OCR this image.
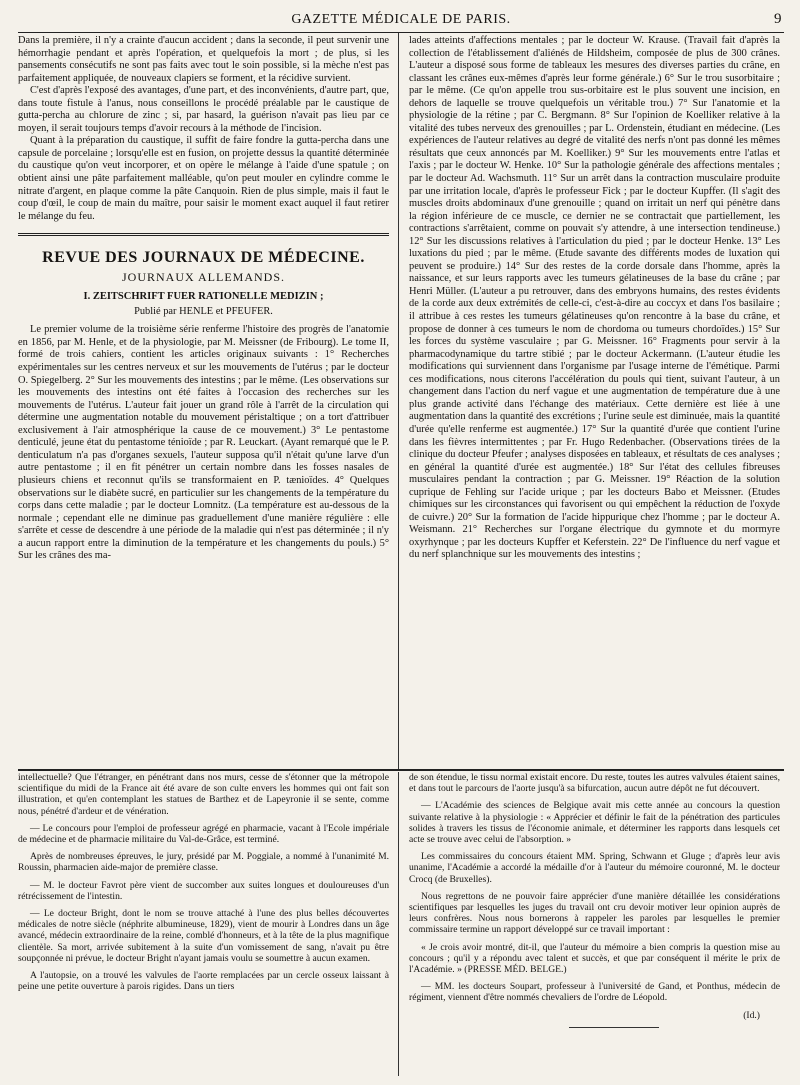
GAZETTE MÉDICALE DE PARIS.	9

Dans la première, il n'y a crainte d'aucun accident ; dans la seconde, il peut survenir une hémorrhagie pendant et après l'opération, et quelquefois la mort ; de plus, si les pansements consécutifs ne sont pas faits avec tout le soin possible, si la mèche n'est pas parfaitement appliquée, de nouveaux clapiers se forment, et la récidive survient.

C'est d'après l'exposé des avantages, d'une part, et des inconvénients, d'autre part, que, dans toute fistule à l'anus, nous conseillons le procédé préalable par le caustique de gutta-percha au chlorure de zinc ; si, par hasard, la guérison n'avait pas lieu par ce moyen, il serait toujours temps d'avoir recours à la méthode de l'incision.

Quant à la préparation du caustique, il suffit de faire fondre la gutta-percha dans une capsule de porcelaine ; lorsqu'elle est en fusion, on projette dessus la quantité déterminée du caustique qu'on veut incorporer, et on opère le mélange à l'aide d'une spatule ; on obtient ainsi une pâte parfaitement malléable, qu'on peut mouler en cylindre comme le nitrate d'argent, en plaque comme la pâte Canquoin. Rien de plus simple, mais il faut le coup d'œil, le coup de main du maître, pour saisir le moment exact auquel il faut retirer le mélange du feu.

REVUE DES JOURNAUX DE MÉDECINE.
JOURNAUX ALLEMANDS.
I. ZEITSCHRIFT FUER RATIONELLE MEDIZIN ;
Publié par HENLE et PFEUFER.

Le premier volume de la troisième série renferme l'histoire des progrès de l'anatomie en 1856, par M. Henle, et de la physiologie, par M. Meissner (de Fribourg). Le tome II, formé de trois cahiers, contient les articles originaux suivants : 1° Recherches expérimentales sur les centres nerveux et sur les mouvements de l'utérus ; par le docteur O. Spiegelberg. 2° Sur les mouvements des intestins ; par le même. (Les observations sur les mouvements des intestins ont été faites à l'occasion des recherches sur les mouvements de l'utérus. L'auteur fait jouer un grand rôle à l'arrêt de la circulation qui détermine une augmentation notable du mouvement péristaltique ; on a tort d'attribuer exclusivement à l'air atmosphérique la cause de ce mouvement.) 3° Le pentastome denticulé, jeune état du pentastome ténioïde ; par R. Leuckart. (Ayant remarqué que le P. denticulatum n'a pas d'organes sexuels, l'auteur supposa qu'il n'était qu'une larve d'un autre pentastome ; il en fit pénétrer un certain nombre dans les fosses nasales de plusieurs chiens et reconnut qu'ils se transformaient en P. tænioïdes. 4° Quelques observations sur le diabète sucré, en particulier sur les changements de la température du corps dans cette maladie ; par le docteur Lomnitz. (La température est au-dessous de la normale ; cependant elle ne diminue pas graduellement d'une manière régulière : elle s'arrête et cesse de descendre à une période de la maladie qui n'est pas déterminée ; il n'y a aucun rapport entre la diminution de la température et les changements du pouls.) 5° Sur les crânes des ma-

lades atteints d'affections mentales ; par le docteur W. Krause. (Travail fait d'après la collection de l'établissement d'aliénés de Hildsheim, composée de plus de 300 crânes. L'auteur a disposé sous forme de tableaux les mesures des diverses parties du crâne, en classant les crânes eux-mêmes d'après leur forme générale.) 6° Sur le trou susorbitaire ; par le même. (Ce qu'on appelle trou sus-orbitaire est le plus souvent une incision, en dehors de laquelle se trouve quelquefois un véritable trou.) 7° Sur l'anatomie et la physiologie de la rétine ; par C. Bergmann. 8° Sur l'opinion de Koelliker relative à la vitalité des tubes nerveux des grenouilles ; par L. Ordenstein, étudiant en médecine. (Les expériences de l'auteur relatives au degré de vitalité des nerfs n'ont pas donné les mêmes résultats que ceux annoncés par M. Koelliker.) 9° Sur les mouvements entre l'atlas et l'axis ; par le docteur W. Henke. 10° Sur la pathologie générale des affections mentales ; par le docteur Ad. Wachsmuth. 11° Sur un arrêt dans la contraction musculaire produite par une irritation locale, d'après le professeur Fick ; par le docteur Kupffer. (Il s'agit des muscles droits abdominaux d'une grenouille ; quand on irritait un nerf qui pénètre dans la région inférieure de ce muscle, ce dernier ne se contractait que partiellement, les contractions s'arrêtaient, comme on pouvait s'y attendre, à une intersection tendineuse.) 12° Sur les discussions relatives à l'articulation du pied ; par le docteur Henke. 13° Les luxations du pied ; par le même. (Etude savante des différents modes de luxation qui peuvent se produire.) 14° Sur des restes de la corde dorsale dans l'homme, après la naissance, et sur leurs rapports avec les tumeurs gélatineuses de la base du crâne ; par Henri Müller. (L'auteur a pu retrouver, dans des embryons humains, des restes évidents de la corde aux deux extrémités de celle-ci, c'est-à-dire au coccyx et dans l'os basilaire ; il attribue à ces restes les tumeurs gélatineuses qu'on rencontre à la base du crâne, et propose de donner à ces tumeurs le nom de chordoma ou tumeurs chordoïdes.) 15° Sur les forces du système vasculaire ; par G. Meissner. 16° Fragments pour servir à la pharmacodynamique du tartre stibié ; par le docteur Ackermann. (L'auteur étudie les modifications qui surviennent dans l'organisme par l'usage interne de l'émétique. Parmi ces modifications, nous citerons l'accélération du pouls qui tient, suivant l'auteur, à un changement dans l'action du nerf vague et une augmentation de température due à une plus grande activité dans l'échange des matériaux. Cette dernière est liée à une augmentation dans la quantité des excrétions ; l'urine seule est diminuée, mais la quantité d'urée qu'elle renferme est augmentée.) 17° Sur la quantité d'urée que contient l'urine dans les fièvres intermittentes ; par Fr. Hugo Redenbacher. (Observations tirées de la clinique du docteur Pfeufer ; analyses disposées en tableaux, et résultats de ces analyses ; en général la quantité d'urée est augmentée.) 18° Sur l'état des cellules fibreuses musculaires pendant la contraction ; par G. Meissner. 19° Réaction de la solution cuprique de Fehling sur l'acide urique ; par les docteurs Babo et Meissner. (Etudes chimiques sur les circonstances qui favorisent ou qui empêchent la réduction de l'oxyde de cuivre.) 20° Sur la formation de l'acide hippurique chez l'homme ; par le docteur A. Weismann. 21° Recherches sur l'organe électrique du gymnote et du mormyre oxyrhynque ; par les docteurs Kupffer et Keferstein. 22° De l'influence du nerf vague et du nerf splanchnique sur les mouvements des intestins ;

intellectuelle? Que l'étranger, en pénétrant dans nos murs, cesse de s'étonner que la métropole scientifique du midi de la France ait été avare de son culte envers les hommes qui ont fait son illustration, et qu'en contemplant les statues de Barthez et de Lapeyronie il se sente, comme nous, pénétré d'ardeur et de vénération.

— Le concours pour l'emploi de professeur agrégé en pharmacie, vacant à l'Ecole impériale de médecine et de pharmacie militaire du Val-de-Grâce, est terminé.

Après de nombreuses épreuves, le jury, présidé par M. Poggiale, a nommé à l'unanimité M. Roussin, pharmacien aide-major de première classe.

— M. le docteur Favrot père vient de succomber aux suites longues et douloureuses d'un rétrécissement de l'intestin.

— Le docteur Bright, dont le nom se trouve attaché à l'une des plus belles découvertes médicales de notre siècle (néphrite albumineuse, 1829), vient de mourir à Londres dans un âge avancé, médecin extraordinaire de la reine, comblé d'honneurs, et à la tête de la plus magnifique clientèle. Sa mort, arrivée subitement à la suite d'un vomissement de sang, n'avait pu être soupçonnée ni prévue, le docteur Bright n'ayant jamais voulu se soumettre à aucun examen.

A l'autopsie, on a trouvé les valvules de l'aorte remplacées par un cercle osseux laissant à peine une petite ouverture à parois rigides. Dans un tiers

de son étendue, le tissu normal existait encore. Du reste, toutes les autres valvules étaient saines, et dans tout le parcours de l'aorte jusqu'à sa bifurcation, aucun autre dépôt ne fut découvert.

— L'Académie des sciences de Belgique avait mis cette année au concours la question suivante relative à la physiologie : « Apprécier et définir le fait de la pénétration des particules solides à travers les tissus de l'économie animale, et déterminer les rapports dans lesquels cet acte se trouve avec celui de l'absorption. »

Les commissaires du concours étaient MM. Spring, Schwann et Gluge ; d'après leur avis unanime, l'Académie a accordé la médaille d'or à l'auteur du mémoire couronné, M. le docteur Crocq (de Bruxelles).

Nous regrettons de ne pouvoir faire apprécier d'une manière détaillée les considérations scientifiques par lesquelles les juges du travail ont cru devoir motiver leur opinion auprès de leurs confrères. Nous nous bornerons à rappeler les paroles par lesquelles le premier commissaire termine un rapport développé sur ce travail important :

« Je crois avoir montré, dit-il, que l'auteur du mémoire a bien compris la question mise au concours ; qu'il y a répondu avec talent et succès, et que par conséquent il mérite le prix de l'Académie. » (PRESSE MÉD. BELGE.)

— MM. les docteurs Soupart, professeur à l'université de Gand, et Ponthus, médecin de régiment, viennent d'être nommés chevaliers de l'ordre de Léopold.

(Id.)
